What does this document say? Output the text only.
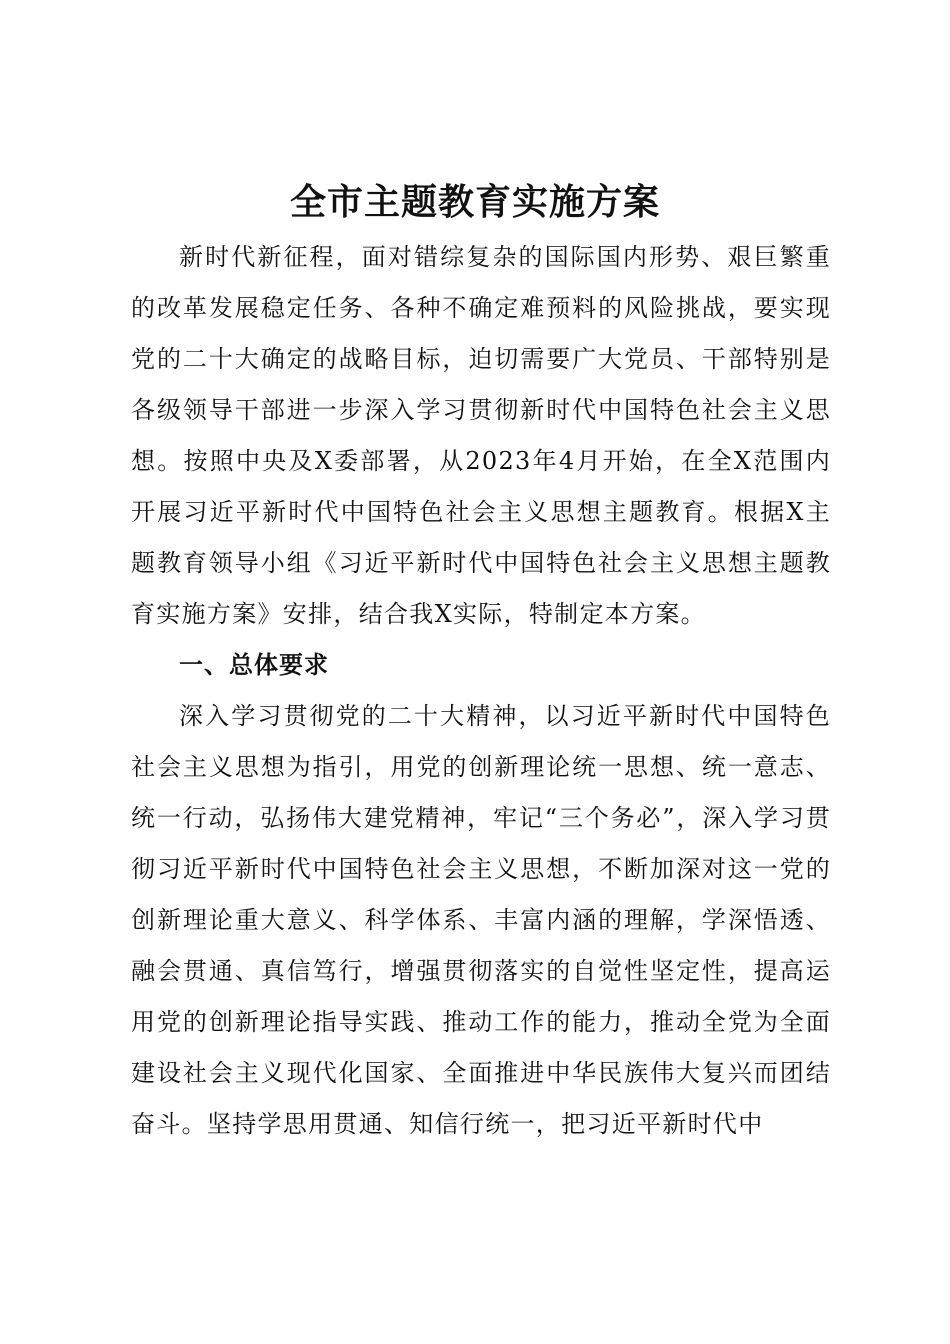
全市主题教育实施方案

新时代新征程，面对错综复杂的国际国内形势、艰巨繁重的改革发展稳定任务、各种不确定难预料的风险挑战，要实现党的二十大确定的战略目标，迫切需要广大党员、干部特别是各级领导干部进一步深入学习贯彻新时代中国特色社会主义思想。按照中央及X委部署，从2023年4月开始，在全X范围内开展习近平新时代中国特色社会主义思想主题教育。根据X主题教育领导小组《习近平新时代中国特色社会主义思想主题教育实施方案》安排，结合我X实际，特制定本方案。

一、总体要求

深入学习贯彻党的二十大精神，以习近平新时代中国特色社会主义思想为指引，用党的创新理论统一思想、统一意志、统一行动，弘扬伟大建党精神，牢记“三个务必”，深入学习贯彻习近平新时代中国特色社会主义思想，不断加深对这一党的创新理论重大意义、科学体系、丰富内涵的理解，学深悟透、融会贯通、真信笃行，增强贯彻落实的自觉性坚定性，提高运用党的创新理论指导实践、推动工作的能力，推动全党为全面建设社会主义现代化国家、全面推进中华民族伟大复兴而团结奋斗。坚持学思用贯通、知信行统一，把习近平新时代中
